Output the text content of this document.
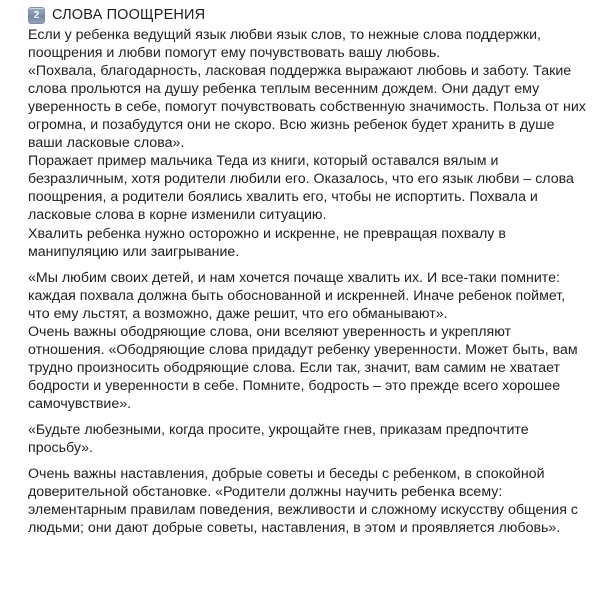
2 СЛОВА ПООЩРЕНИЯ

Если у ребенка ведущий язык любви язык слов, то нежные слова поддержки, поощрения и любви помогут ему почувствовать вашу любовь.

«Похвала, благодарность, ласковая поддержка выражают любовь и заботу. Такие слова прольются на душу ребенка теплым весенним дождем. Они дадут ему уверенность в себе, помогут почувствовать собственную значимость. Польза от них огромна, и позабудутся они не скоро. Всю жизнь ребенок будет хранить в душе ваши ласковые слова».

Поражает пример мальчика Теда из книги, который оставался вялым и безразличным, хотя родители любили его. Оказалось, что его язык любви – слова поощрения, а родители боялись хвалить его, чтобы не испортить. Похвала и ласковые слова в корне изменили ситуацию.

Хвалить ребенка нужно осторожно и искренне, не превращая похвалу в манипуляцию или заигрывание.

«Мы любим своих детей, и нам хочется почаще хвалить их. И все-таки помните: каждая похвала должна быть обоснованной и искренней. Иначе ребенок поймет, что ему льстят, а возможно, даже решит, что его обманывают».

Очень важны ободряющие слова, они вселяют уверенность и укрепляют отношения. «Ободряющие слова придадут ребенку уверенности. Может быть, вам трудно произносить ободряющие слова. Если так, значит, вам самим не хватает бодрости и уверенности в себе. Помните, бодрость – это прежде всего хорошее самочувствие».

«Будьте любезными, когда просите, укрощайте гнев, приказам предпочтите просьбу».

Очень важны наставления, добрые советы и беседы с ребенком, в спокойной доверительной обстановке. «Родители должны научить ребенка всему: элементарным правилам поведения, вежливости и сложному искусству общения с людьми; они дают добрые советы, наставления, в этом и проявляется любовь».
